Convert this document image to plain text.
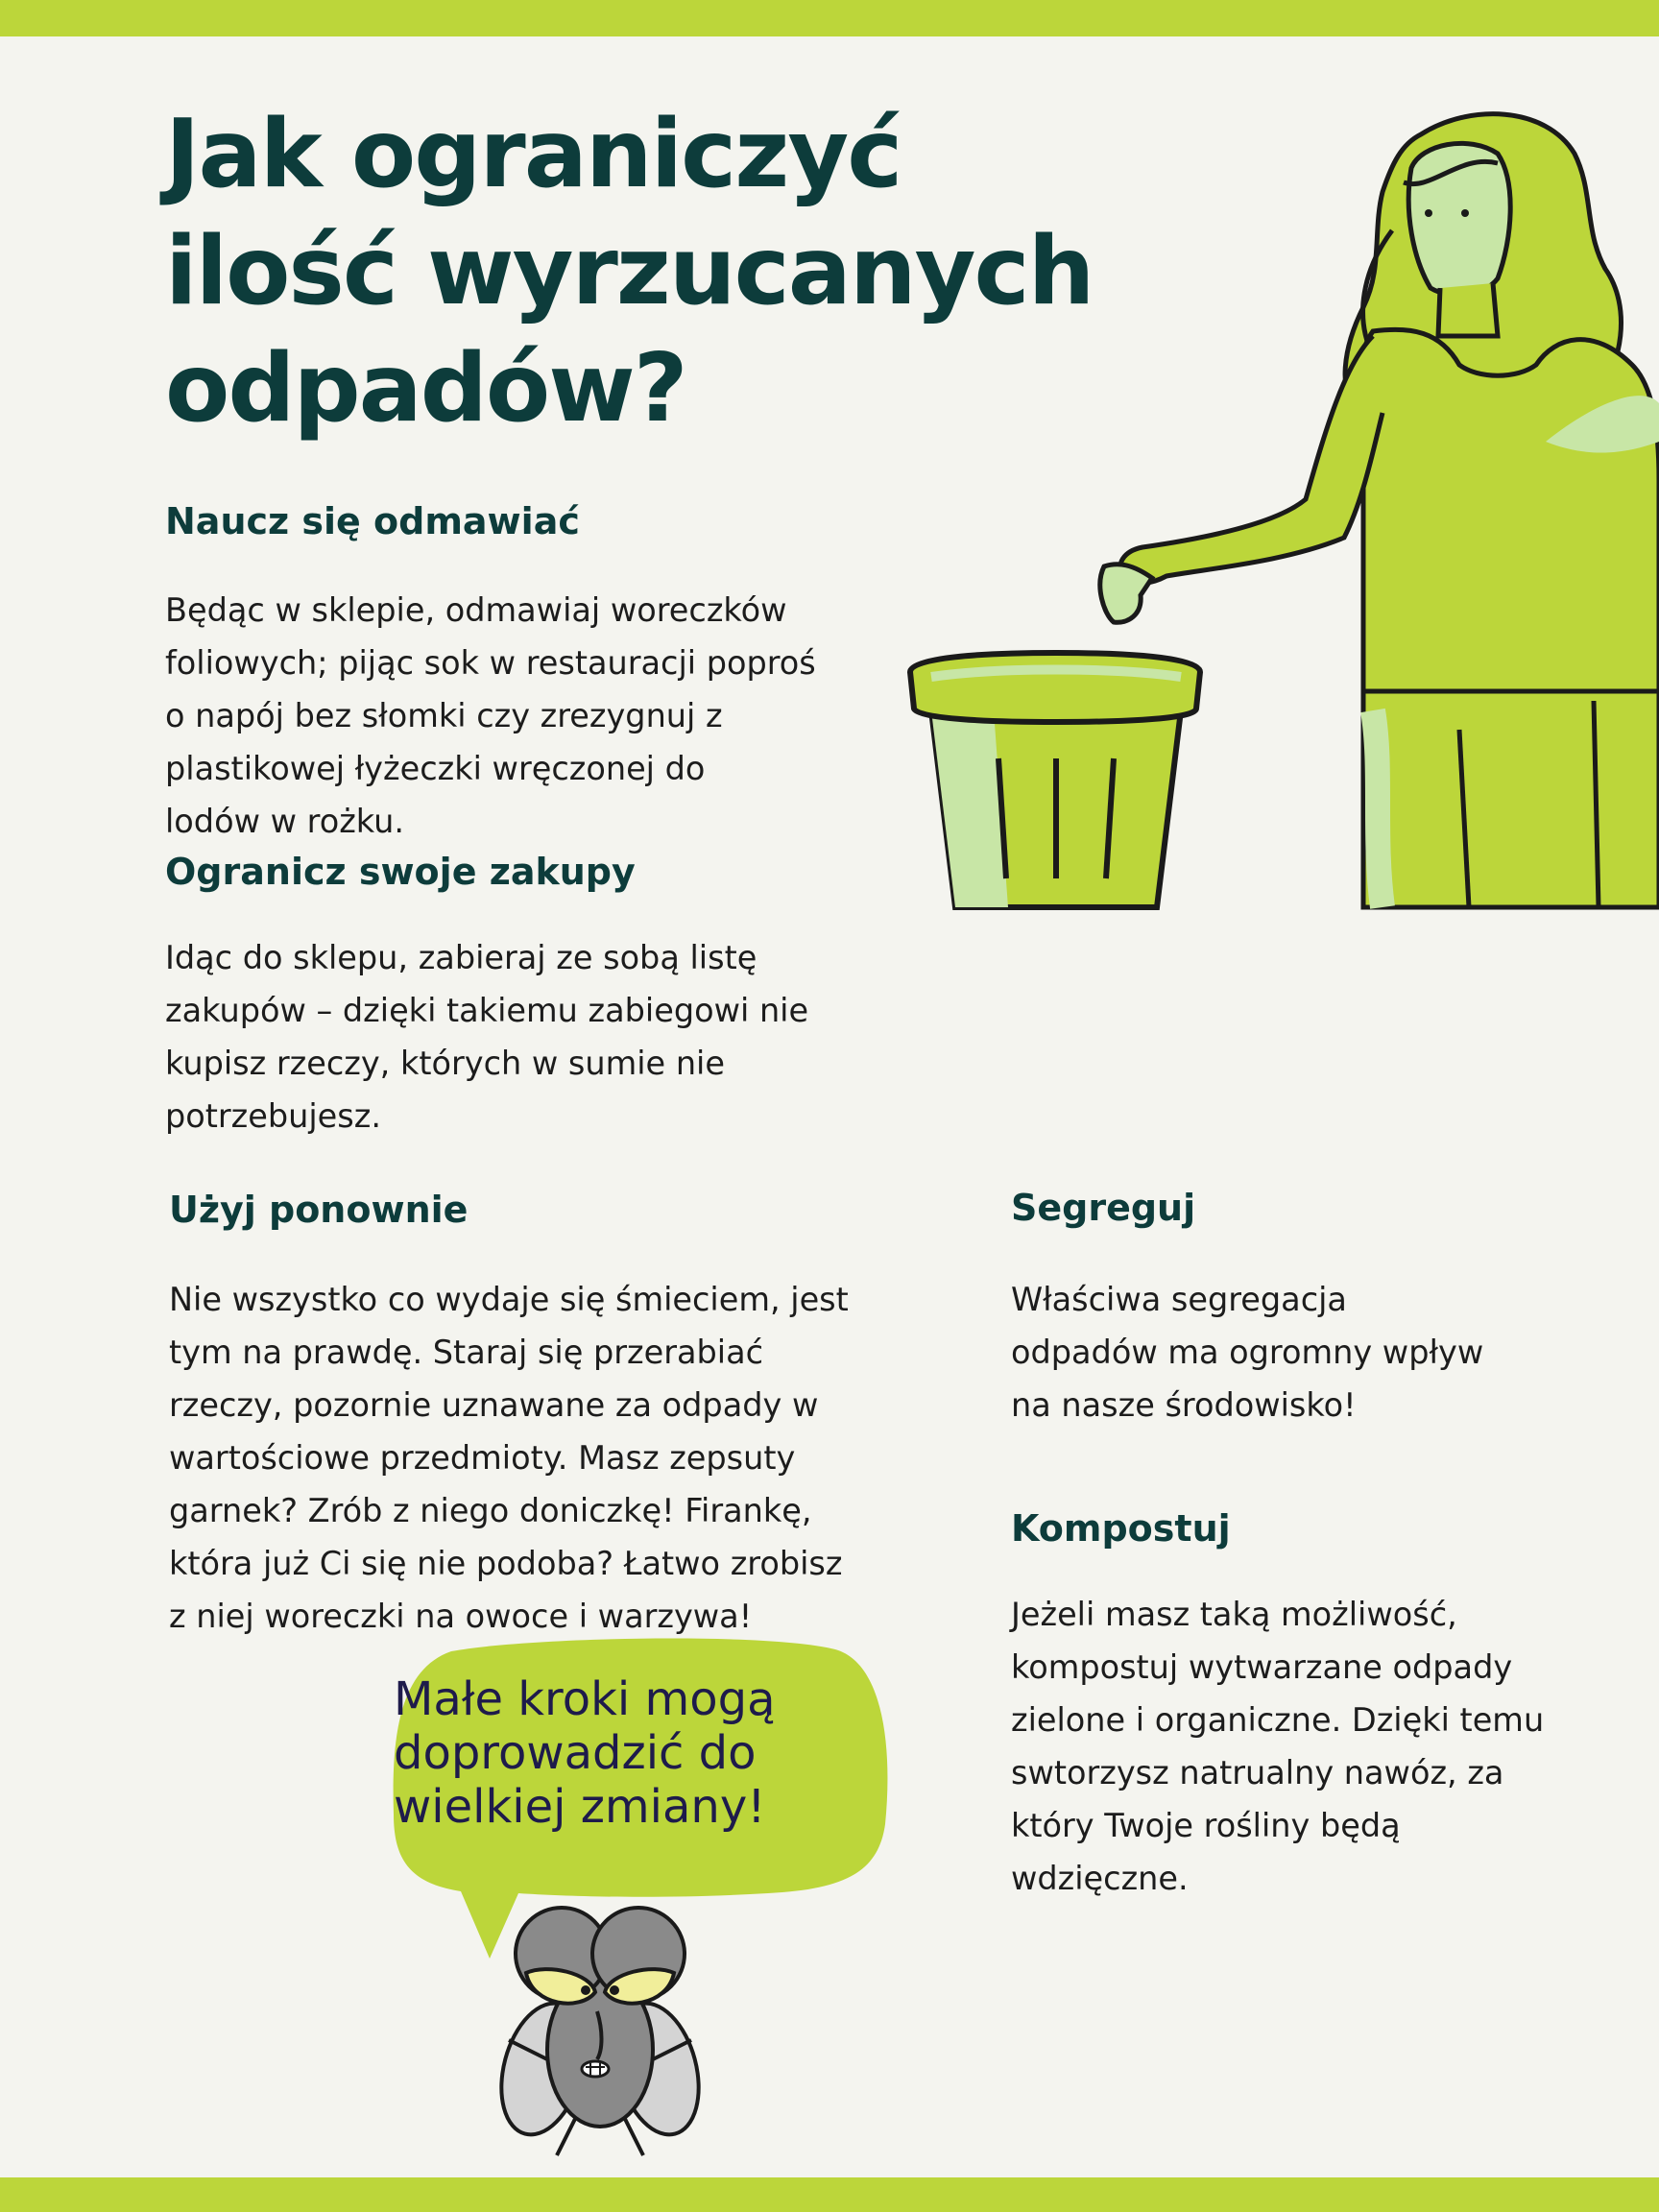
Jak ograniczyć
ilość wyrzucanych
odpadów?
Naucz się odmawiać

Będąc w sklepie, odmawiaj woreczków
foliowych; pijąc sok w restauracji poproś
o napój bez słomki czy zrezygnuj z
plastikowej łyżeczki wręczonej do
lodów w rożku.

Ogranicz swoje zakupy

Idąc do sklepu, zabieraj ze sobą listę
zakupów – dzięki takiemu zabiegowi nie
kupisz rzeczy, których w sumie nie
potrzebujesz.

Użyj ponownie

Nie wszystko co wydaje się śmieciem, jest
tym na prawdę. Staraj się przerabiać
rzeczy, pozornie uznawane za odpady w
wartościowe przedmioty. Masz zepsuty
garnek? Zrób z niego doniczkę! Firankę,
która już Ci się nie podoba? Łatwo zrobisz
z niej woreczki na owoce i warzywa!

Segreguj

Właściwa segregacja
odpadów ma ogromny wpływ
na nasze środowisko!

Kompostuj

Jeżeli masz taką możliwość,
kompostuj wytwarzane odpady
zielone i organiczne. Dzięki temu
swtorzysz natrualny nawóz, za
który Twoje rośliny będą
wdzięczne.

Małe kroki mogą
doprowadzić do
wielkiej zmiany!
